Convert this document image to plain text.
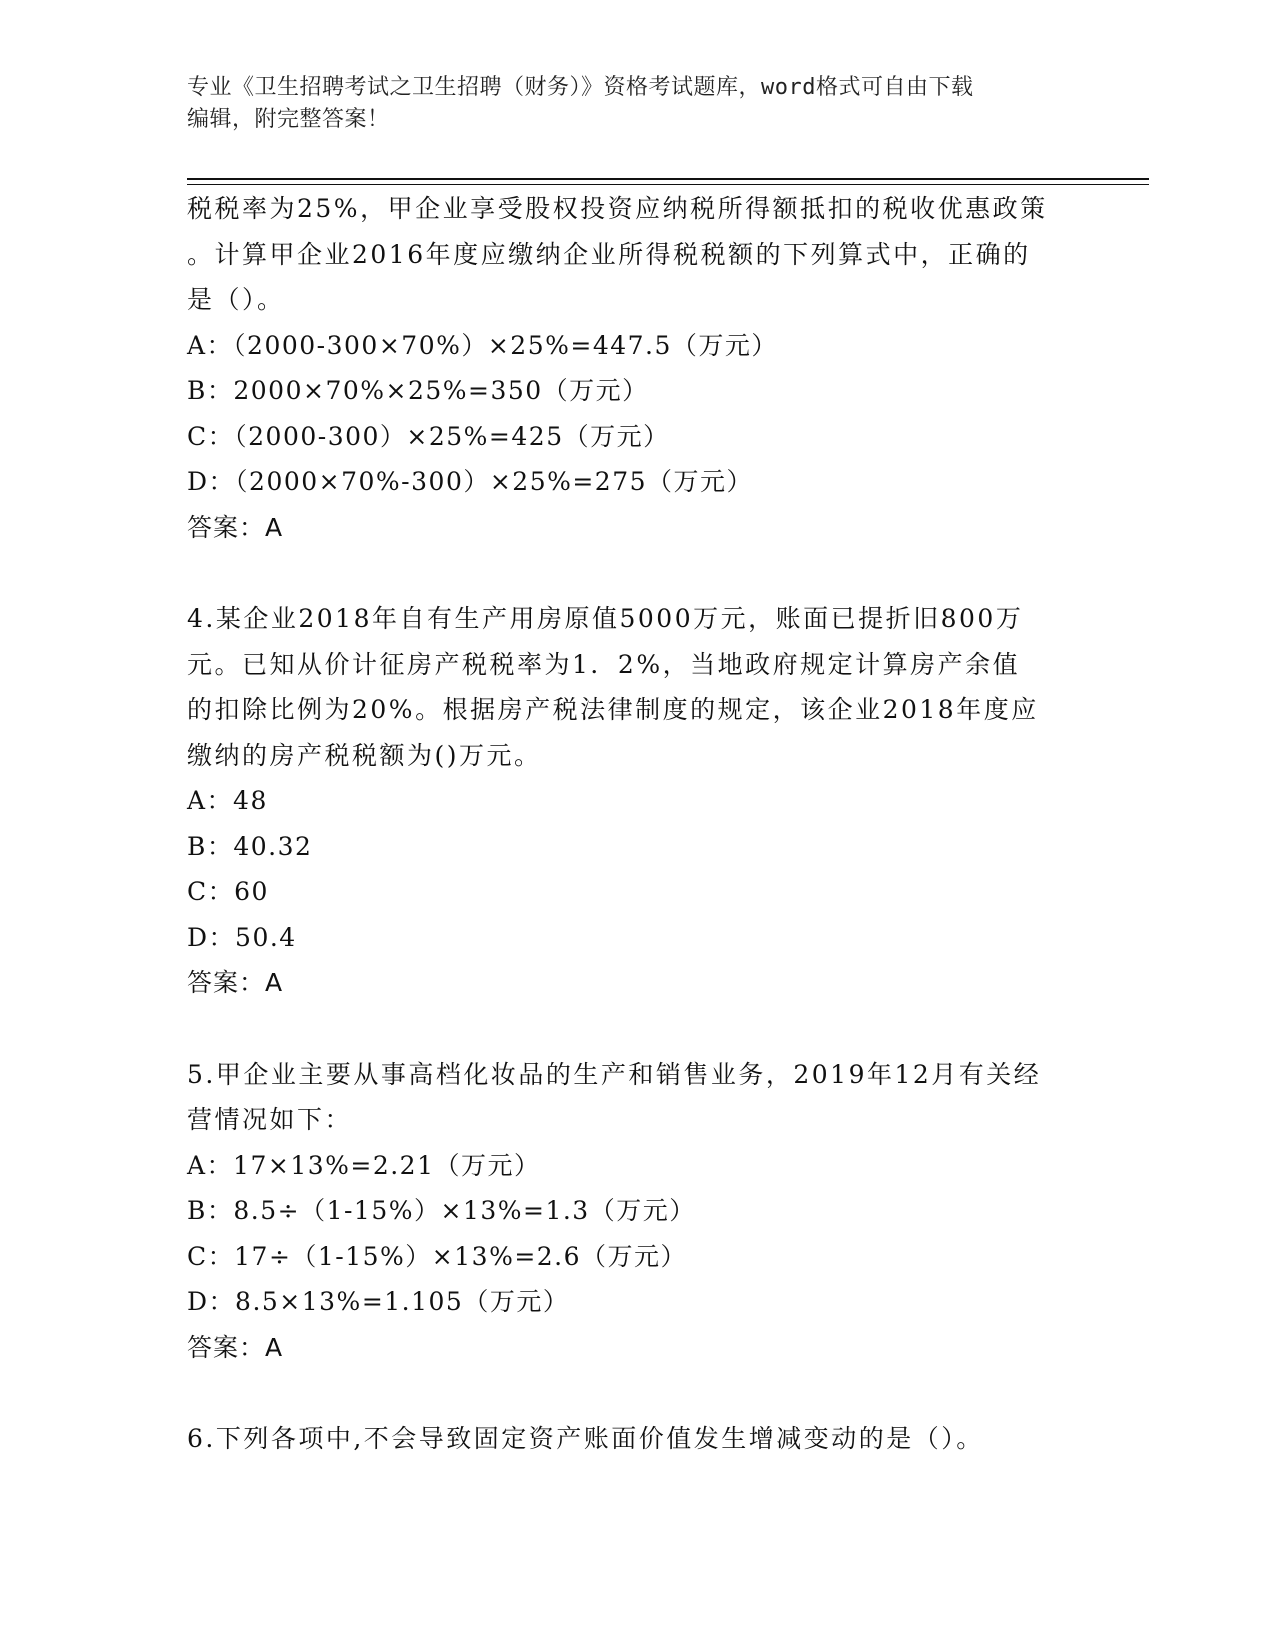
专业《卫生招聘考试之卫生招聘（财务）》资格考试题库，word格式可自由下载
编辑，附完整答案！
税税率为25%，甲企业享受股权投资应纳税所得额抵扣的税收优惠政策
。计算甲企业2016年度应缴纳企业所得税税额的下列算式中，正确的
是（）。
A：（2000-300×70%）×25%=447.5（万元）
B：2000×70%×25%=350（万元）
C：（2000-300）×25%=425（万元）
D：（2000×70%-300）×25%=275（万元）
答案：A
4.某企业2018年自有生产用房原值5000万元，账面已提折旧800万
元。已知从价计征房产税税率为1．2%，当地政府规定计算房产余值
的扣除比例为20%。根据房产税法律制度的规定，该企业2018年度应
缴纳的房产税税额为()万元。
A：48
B：40.32
C：60
D：50.4
答案：A
5.甲企业主要从事高档化妆品的生产和销售业务，2019年12月有关经
营情况如下：
A：17×13%=2.21（万元）
B：8.5÷（1-15%）×13%=1.3（万元）
C：17÷（1-15%）×13%=2.6（万元）
D：8.5×13%=1.105（万元）
答案：A
6.下列各项中,不会导致固定资产账面价值发生增减变动的是（）。
